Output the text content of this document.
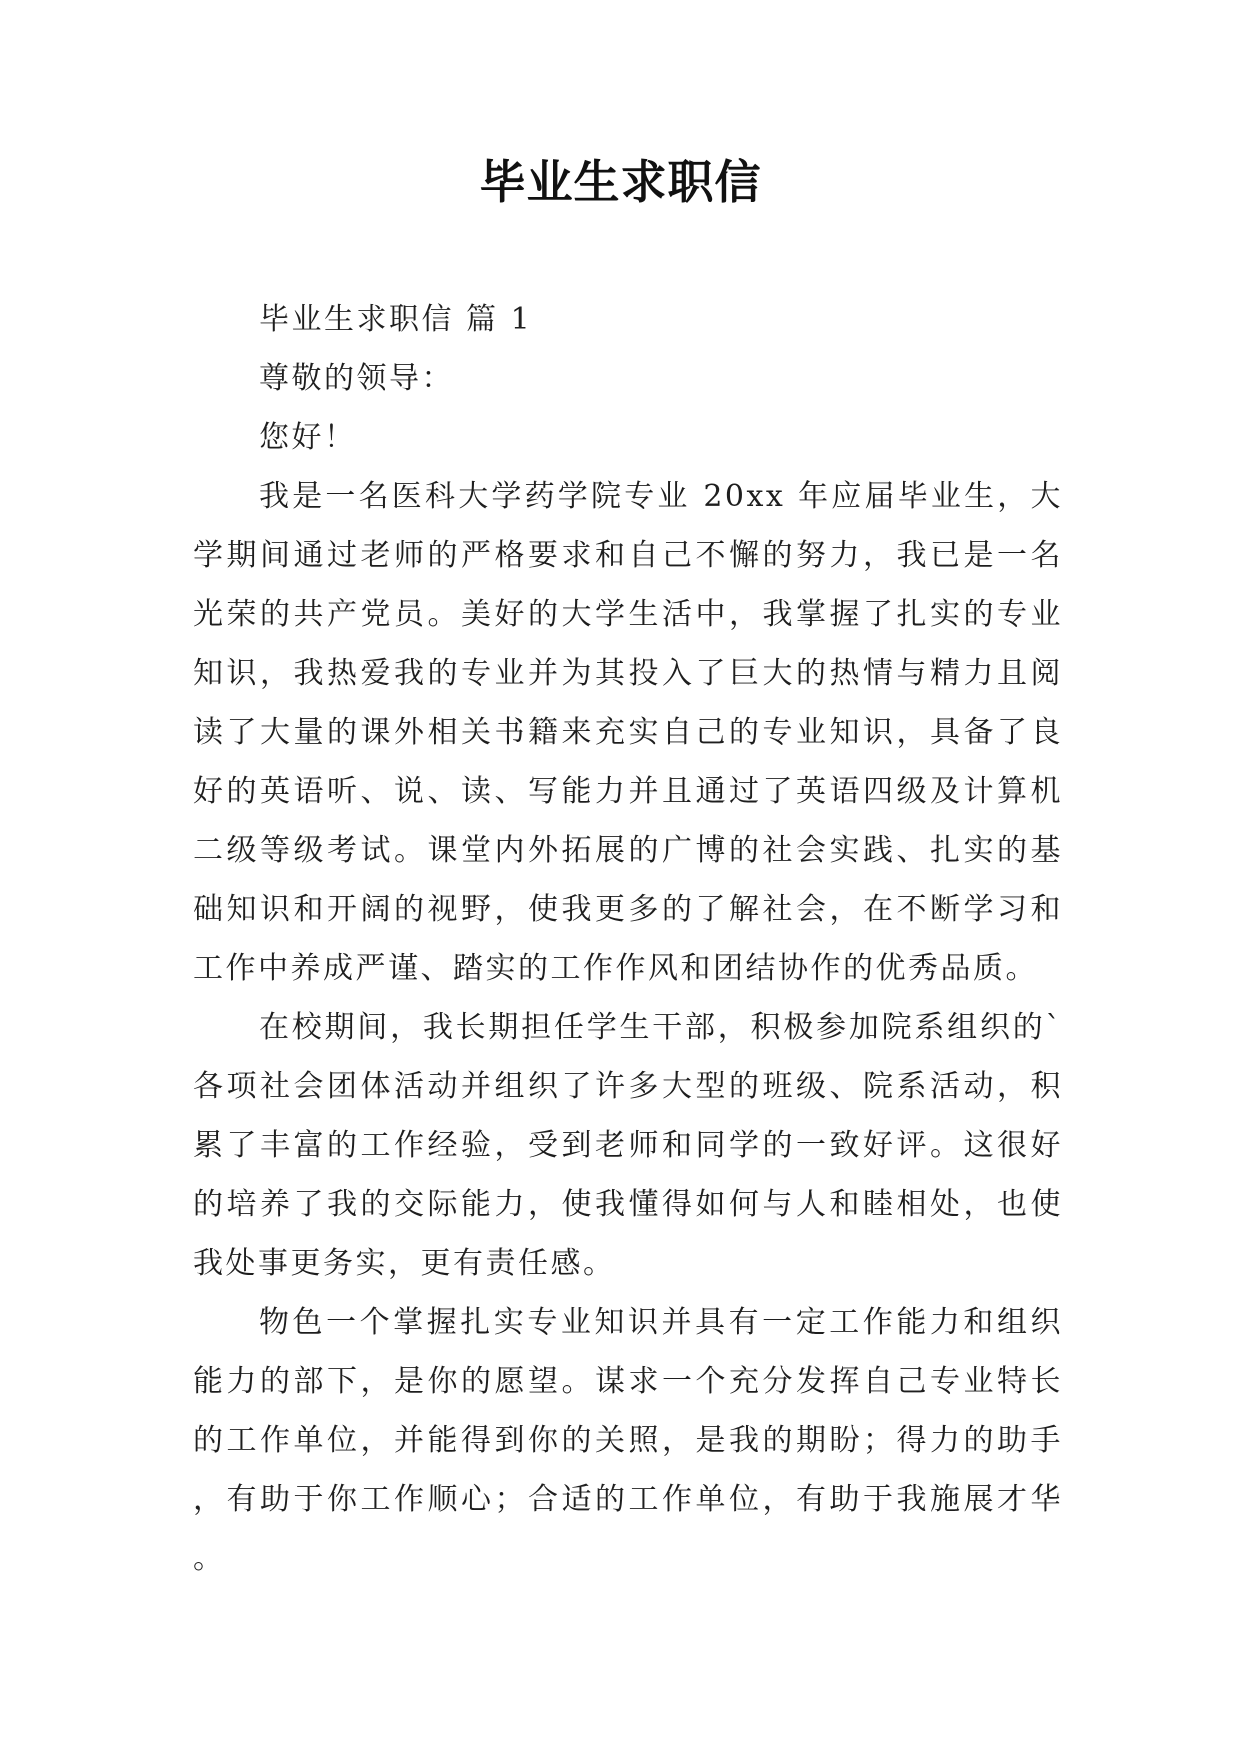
毕业生求职信

毕业生求职信 篇 1

尊敬的领导：

您好！

我是一名医科大学药学院专业 20xx 年应届毕业生，大学期间通过老师的严格要求和自己不懈的努力，我已是一名光荣的共产党员。美好的大学生活中，我掌握了扎实的专业知识，我热爱我的专业并为其投入了巨大的热情与精力且阅读了大量的课外相关书籍来充实自己的专业知识，具备了良好的英语听、说、读、写能力并且通过了英语四级及计算机二级等级考试。课堂内外拓展的广博的社会实践、扎实的基础知识和开阔的视野，使我更多的了解社会，在不断学习和工作中养成严谨、踏实的工作作风和团结协作的优秀品质。

在校期间，我长期担任学生干部，积极参加院系组织的`各项社会团体活动并组织了许多大型的班级、院系活动，积累了丰富的工作经验，受到老师和同学的一致好评。这很好的培养了我的交际能力，使我懂得如何与人和睦相处，也使我处事更务实，更有责任感。

物色一个掌握扎实专业知识并具有一定工作能力和组织能力的部下，是你的愿望。谋求一个充分发挥自己专业特长的工作单位，并能得到你的关照，是我的期盼；得力的助手，有助于你工作顺心；合适的工作单位，有助于我施展才华。
